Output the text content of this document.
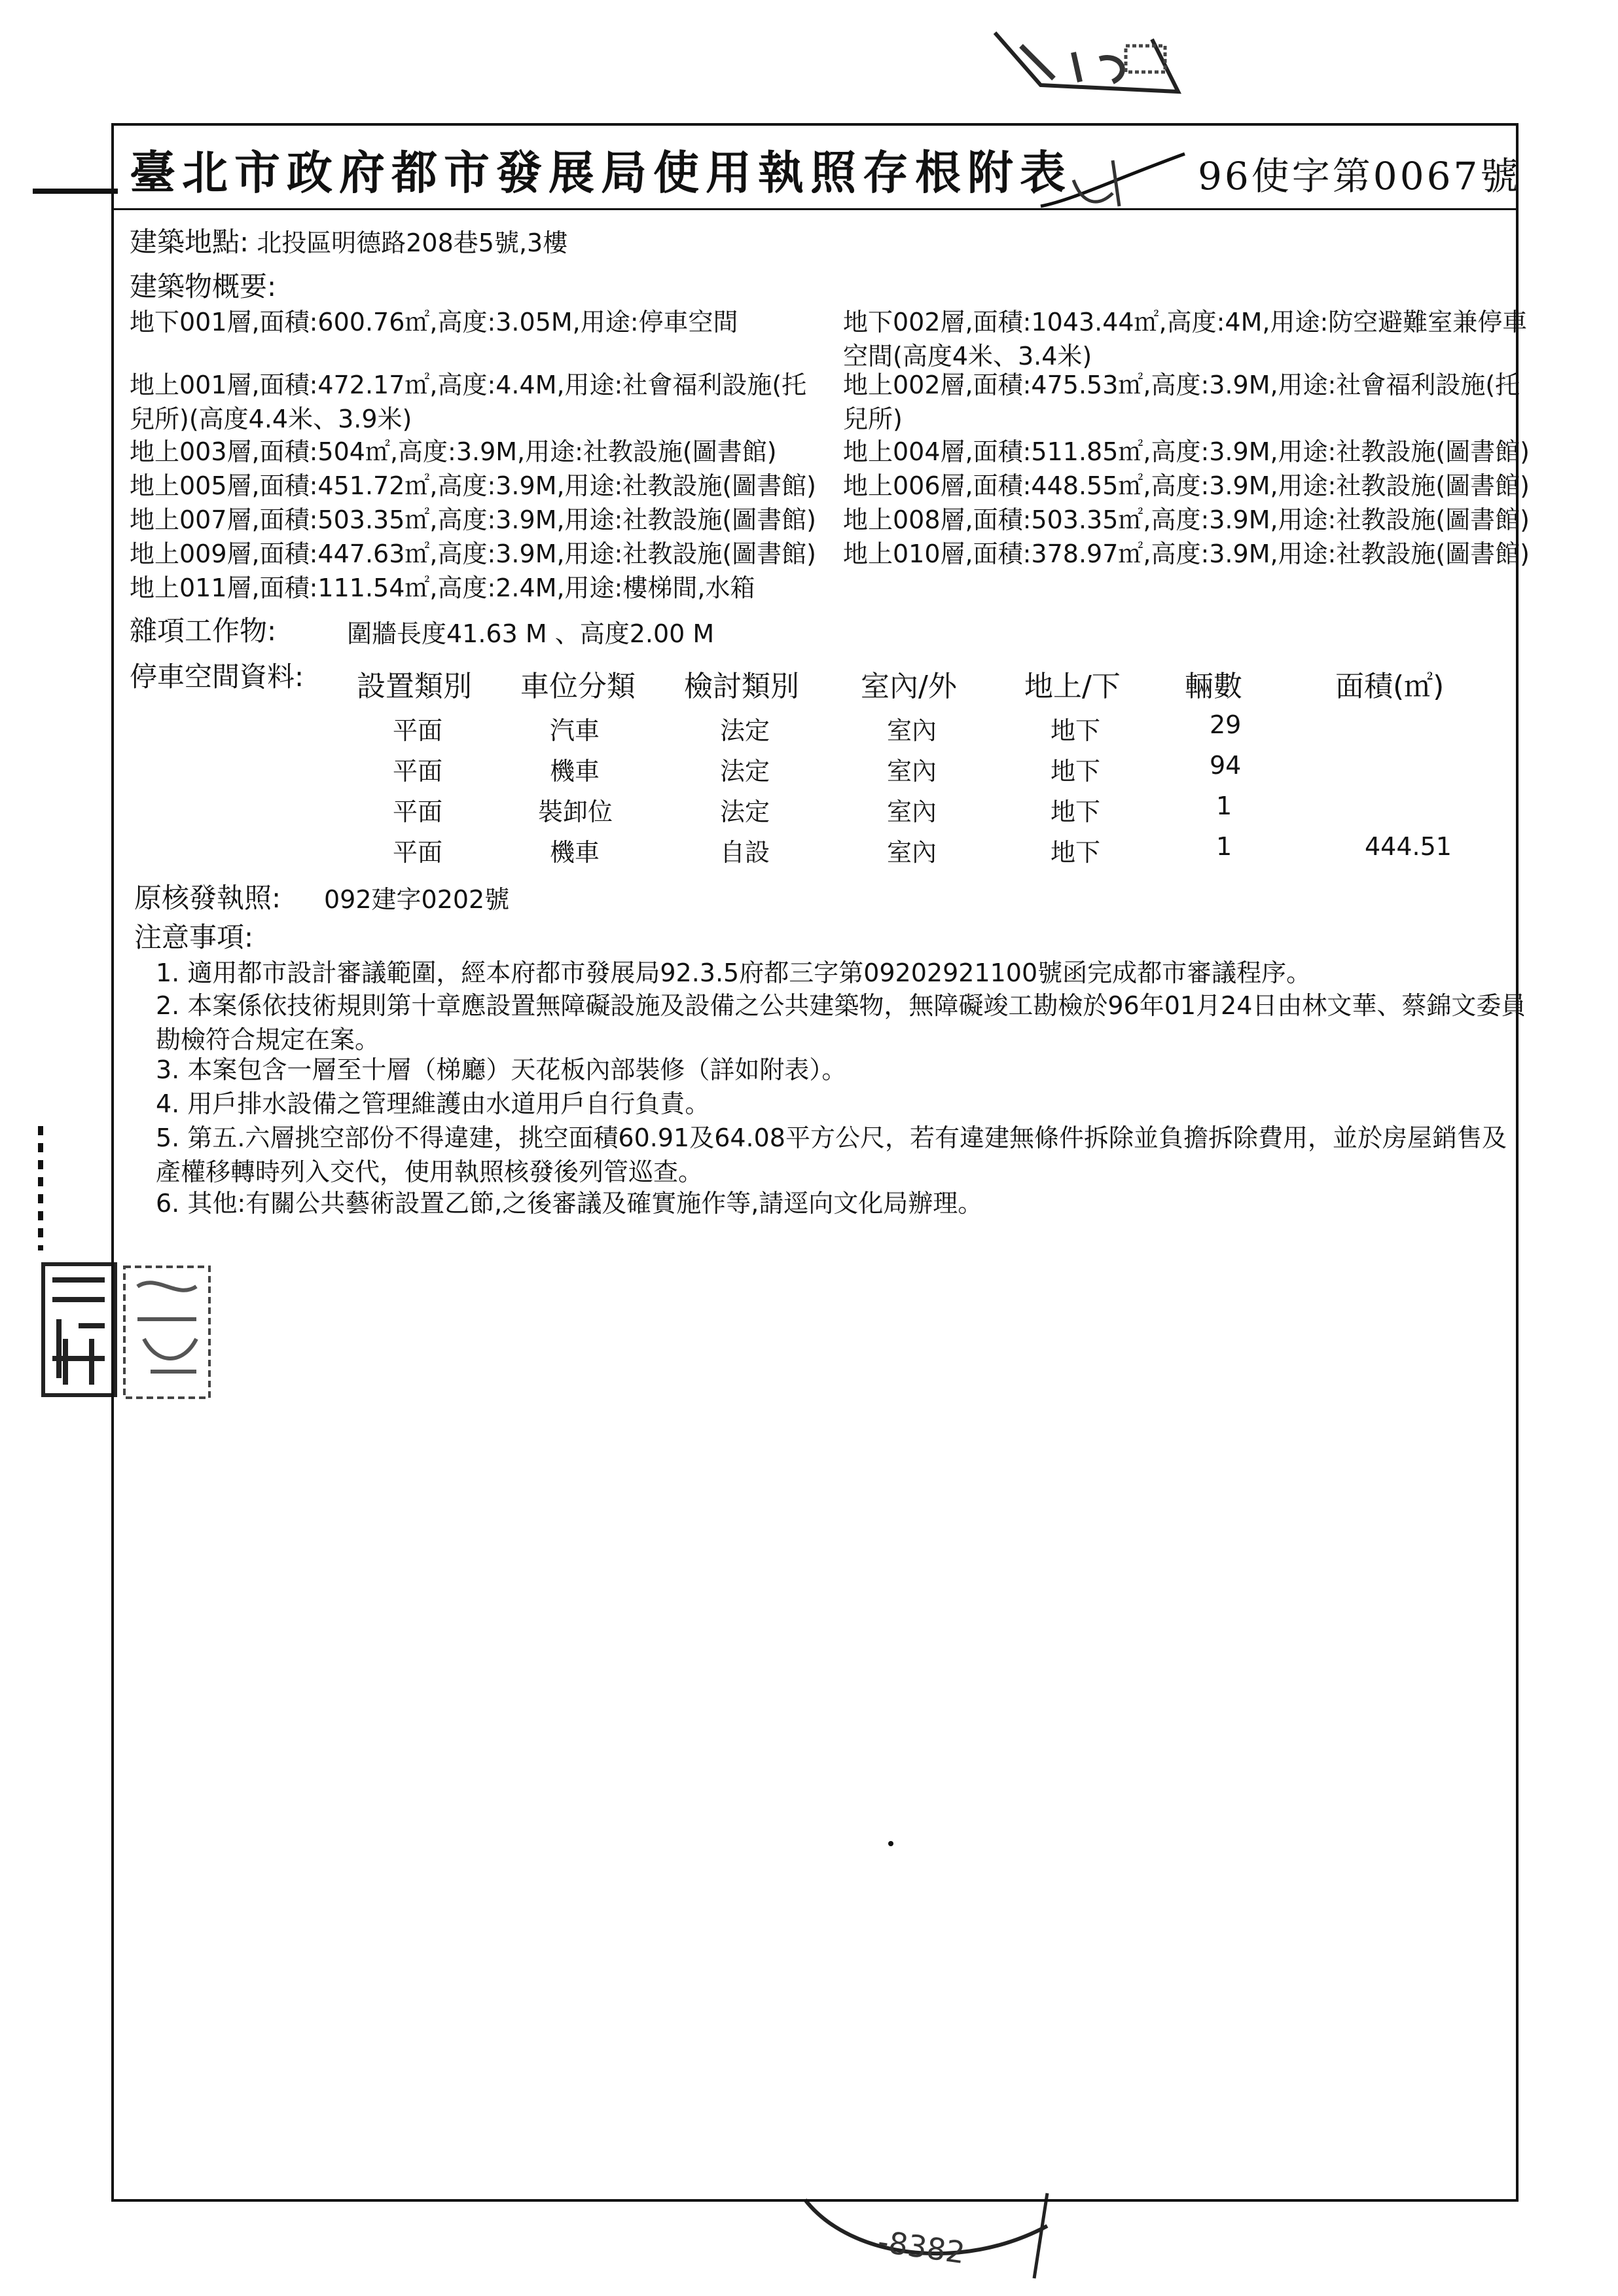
-8382
臺北市政府都市發展局使用執照存根附表	96使字第0067號
建築地點: 北投區明德路208巷5號,3樓
建築物概要:
地下001層,面積:600.76㎡,高度:3.05M,用途:停車空間
地上001層,面積:472.17㎡,高度:4.4M,用途:社會福利設施(托兒所)(高度4.4米、3.9米)
地上003層,面積:504㎡,高度:3.9M,用途:社教設施(圖書館)
地上005層,面積:451.72㎡,高度:3.9M,用途:社教設施(圖書館)
地上007層,面積:503.35㎡,高度:3.9M,用途:社教設施(圖書館)
地上009層,面積:447.63㎡,高度:3.9M,用途:社教設施(圖書館)
地上011層,面積:111.54㎡,高度:2.4M,用途:樓梯間,水箱
地下002層,面積:1043.44㎡,高度:4M,用途:防空避難室兼停車空間(高度4米、3.4米)
地上002層,面積:475.53㎡,高度:3.9M,用途:社會福利設施(托兒所)
地上004層,面積:511.85㎡,高度:3.9M,用途:社教設施(圖書館)
地上006層,面積:448.55㎡,高度:3.9M,用途:社教設施(圖書館)
地上008層,面積:503.35㎡,高度:3.9M,用途:社教設施(圖書館)
地上010層,面積:378.97㎡,高度:3.9M,用途:社教設施(圖書館)
雜項工作物:	圍牆長度41.63 M 、高度2.00 M
停車空間資料: 設置類別 車位分類 檢討類別 室內/外 地上/下 輛數	面積(㎡)
平面	汽車	法定	室內	地下	29
平面	機車	法定	室內	地下	94
平面	裝卸位	法定	室內	地下	1
平面	機車	自設	室內	地下	1	444.51
原核發執照: 092建字0202號
注意事項:
1. 適用都市設計審議範圍，經本府都市發展局92.3.5府都三字第09202921100號函完成都市審議程序。
2. 本案係依技術規則第十章應設置無障礙設施及設備之公共建築物，無障礙竣工勘檢於96年01月24日由林文華、蔡錦文委員勘檢符合規定在案。
3. 本案包含一層至十層（梯廳）天花板內部裝修（詳如附表）。
4. 用戶排水設備之管理維護由水道用戶自行負責。
5. 第五.六層挑空部份不得違建，挑空面積60.91及64.08平方公尺，若有違建無條件拆除並負擔拆除費用，並於房屋銷售及產權移轉時列入交代，使用執照核發後列管巡查。
6. 其他:有關公共藝術設置乙節,之後審議及確實施作等,請逕向文化局辦理。
